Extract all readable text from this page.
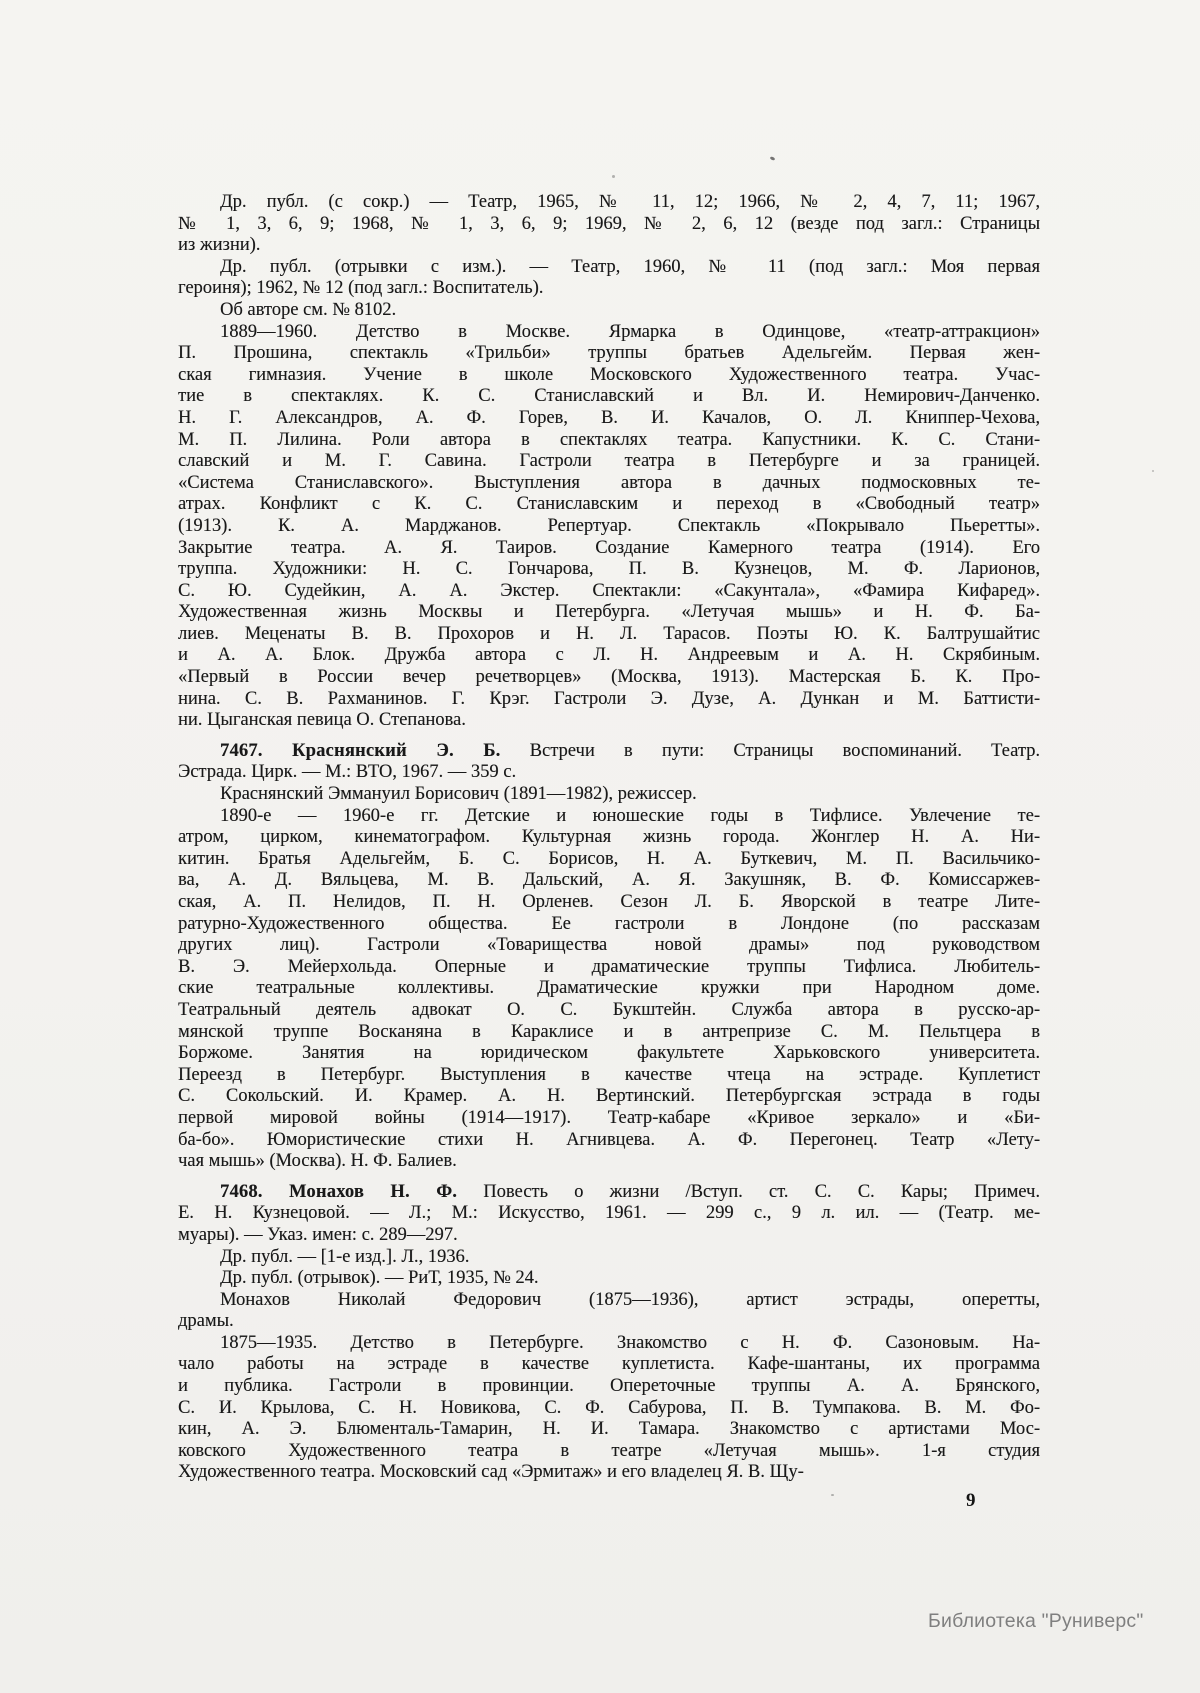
Др. публ. (с сокр.) — Театр, 1965, № 11, 12; 1966, № 2, 4, 7, 11; 1967,
№ 1, 3, 6, 9; 1968, № 1, 3, 6, 9; 1969, № 2, 6, 12 (везде под загл.: Страницы
из жизни).
Др. публ. (отрывки с изм.). — Театр, 1960, № 11 (под загл.: Моя первая
героиня); 1962, № 12 (под загл.: Воспитатель).
Об авторе см. № 8102.
1889—1960. Детство в Москве. Ярмарка в Одинцове, «театр-аттракцион»
П. Прошина, спектакль «Трильби» труппы братьев Адельгейм. Первая жен-
ская гимназия. Учение в школе Московского Художественного театра. Учас-
тие в спектаклях. К. С. Станиславский и Вл. И. Немирович-Данченко.
Н. Г. Александров, А. Ф. Горев, В. И. Качалов, О. Л. Книппер-Чехова,
М. П. Лилина. Роли автора в спектаклях театра. Капустники. К. С. Стани-
славский и М. Г. Савина. Гастроли театра в Петербурге и за границей.
«Система Станиславского». Выступления автора в дачных подмосковных те-
атрах. Конфликт с К. С. Станиславским и переход в «Свободный театр»
(1913). К. А. Марджанов. Репертуар. Спектакль «Покрывало Пьеретты».
Закрытие театра. А. Я. Таиров. Создание Камерного театра (1914). Его
труппа. Художники: Н. С. Гончарова, П. В. Кузнецов, М. Ф. Ларионов,
С. Ю. Судейкин, А. А. Экстер. Спектакли: «Сакунтала», «Фамира Кифаред».
Художественная жизнь Москвы и Петербурга. «Летучая мышь» и Н. Ф. Ба-
лиев. Меценаты В. В. Прохоров и Н. Л. Тарасов. Поэты Ю. К. Балтрушайтис
и А. А. Блок. Дружба автора с Л. Н. Андреевым и А. Н. Скрябиным.
«Первый в России вечер речетворцев» (Москва, 1913). Мастерская Б. К. Про-
нина. С. В. Рахманинов. Г. Крэг. Гастроли Э. Дузе, А. Дункан и М. Баттисти-
ни. Цыганская певица О. Степанова.
7467. Краснянский Э. Б. Встречи в пути: Страницы воспоминаний. Театр.
Эстрада. Цирк. — М.: ВТО, 1967. — 359 с.
Краснянский Эммануил Борисович (1891—1982), режиссер.
1890-е — 1960-е гг. Детские и юношеские годы в Тифлисе. Увлечение те-
атром, цирком, кинематографом. Культурная жизнь города. Жонглер Н. А. Ни-
китин. Братья Адельгейм, Б. С. Борисов, Н. А. Буткевич, М. П. Васильчико-
ва, А. Д. Вяльцева, М. В. Дальский, А. Я. Закушняк, В. Ф. Комиссаржев-
ская, А. П. Нелидов, П. Н. Орленев. Сезон Л. Б. Яворской в театре Лите-
ратурно-Художественного общества. Ее гастроли в Лондоне (по рассказам
других лиц). Гастроли «Товарищества новой драмы» под руководством
В. Э. Мейерхольда. Оперные и драматические труппы Тифлиса. Любитель-
ские театральные коллективы. Драматические кружки при Народном доме.
Театральный деятель адвокат О. С. Букштейн. Служба автора в русско-ар-
мянской труппе Восканяна в Караклисе и в антрепризе С. М. Пельтцера в
Боржоме. Занятия на юридическом факультете Харьковского университета.
Переезд в Петербург. Выступления в качестве чтеца на эстраде. Куплетист
С. Сокольский. И. Крамер. А. Н. Вертинский. Петербургская эстрада в годы
первой мировой войны (1914—1917). Театр-кабаре «Кривое зеркало» и «Би-
ба-бо». Юмористические стихи Н. Агнивцева. А. Ф. Перегонец. Театр «Лету-
чая мышь» (Москва). Н. Ф. Балиев.
7468. Монахов Н. Ф. Повесть о жизни /Вступ. ст. С. С. Кары; Примеч.
Е. Н. Кузнецовой. — Л.; М.: Искусство, 1961. — 299 с., 9 л. ил. — (Театр. ме-
муары). — Указ. имен: с. 289—297.
Др. публ. — [1-е изд.]. Л., 1936.
Др. публ. (отрывок). — РиТ, 1935, № 24.
Монахов Николай Федорович (1875—1936), артист эстрады, оперетты,
драмы.
1875—1935. Детство в Петербурге. Знакомство с Н. Ф. Сазоновым. На-
чало работы на эстраде в качестве куплетиста. Кафе-шантаны, их программа
и публика. Гастроли в провинции. Опереточные труппы А. А. Брянского,
С. И. Крылова, С. Н. Новикова, С. Ф. Сабурова, П. В. Тумпакова. В. М. Фо-
кин, А. Э. Блюменталь-Тамарин, Н. И. Тамара. Знакомство с артистами Мос-
ковского Художественного театра в театре «Летучая мышь». 1-я студия
Художественного театра. Московский сад «Эрмитаж» и его владелец Я. В. Щу-
9
Библиотека "Руниверс"
